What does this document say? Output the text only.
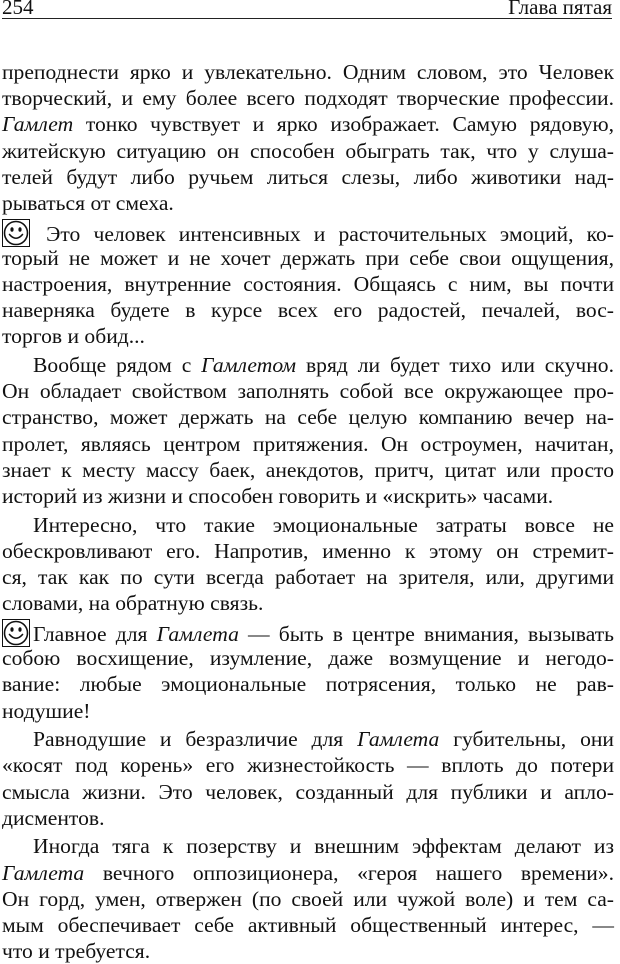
254	Глава пятая
преподнести ярко и увлекательно. Одним словом, это Человек
творческий, и ему более всего подходят творческие профессии.
Гамлет тонко чувствует и ярко изображает. Самую рядовую,
житейскую ситуацию он способен обыграть так, что у слуша-
телей будут либо ручьем литься слезы, либо животики над-
рываться от смеха.
Это человек интенсивных и расточительных эмоций, ко-
торый не может и не хочет держать при себе свои ощущения,
настроения, внутренние состояния. Общаясь с ним, вы почти
наверняка будете в курсе всех его радостей, печалей, вос-
торгов и обид...
Вообще рядом с Гамлетом вряд ли будет тихо или скучно.
Он обладает свойством заполнять собой все окружающее про-
странство, может держать на себе целую компанию вечер на-
пролет, являясь центром притяжения. Он остроумен, начитан,
знает к месту массу баек, анекдотов, притч, цитат или просто
историй из жизни и способен говорить и «искрить» часами.
Интересно, что такие эмоциональные затраты вовсе не
обескровливают его. Напротив, именно к этому он стремит-
ся, так как по сути всегда работает на зрителя, или, другими
словами, на обратную связь.
Главное для Гамлета — быть в центре внимания, вызывать
собою восхищение, изумление, даже возмущение и негодо-
вание: любые эмоциональные потрясения, только не рав-
нодушие!
Равнодушие и безразличие для Гамлета губительны, они
«косят под корень» его жизнестойкость — вплоть до потери
смысла жизни. Это человек, созданный для публики и апло-
дисментов.
Иногда тяга к позерству и внешним эффектам делают из
Гамлета вечного оппозиционера, «героя нашего времени».
Он горд, умен, отвержен (по своей или чужой воле) и тем са-
мым обеспечивает себе активный общественный интерес, —
что и требуется.
